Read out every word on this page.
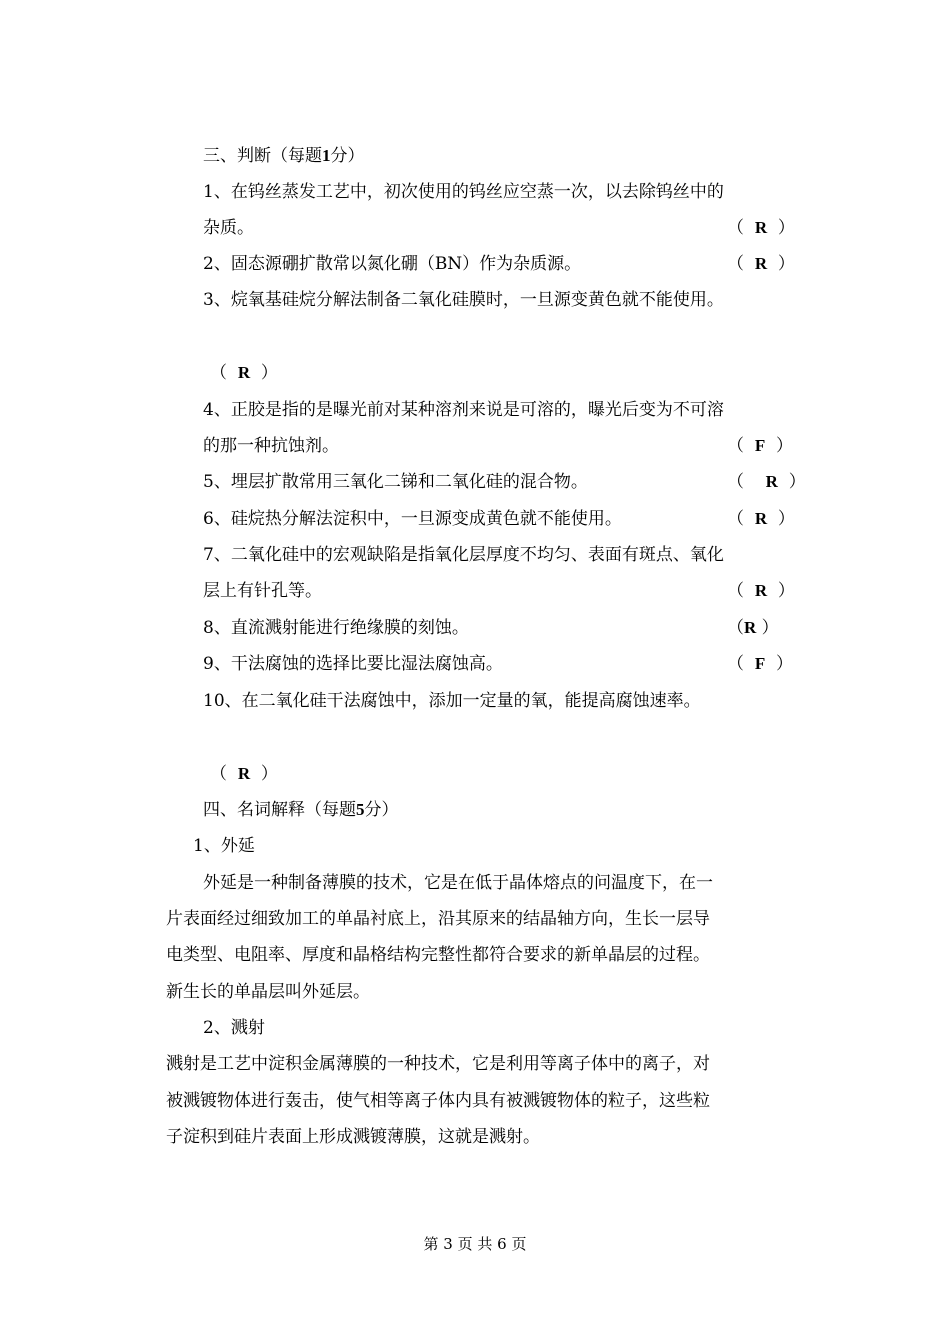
三、判断（每题1分）
1、在钨丝蒸发工艺中，初次使用的钨丝应空蒸一次，以去除钨丝中的
杂质。	（  R  ）
2、固态源硼扩散常以氮化硼（BN）作为杂质源。	（  R  ）
3、烷氧基硅烷分解法制备二氧化硅膜时，一旦源变黄色就不能使用。
（  R  ）
4、正胶是指的是曝光前对某种溶剂来说是可溶的，曝光后变为不可溶
的那一种抗蚀剂。	（  F  ）
5、埋层扩散常用三氧化二锑和二氧化硅的混合物。	（    R  ）
6、硅烷热分解法淀积中，一旦源变成黄色就不能使用。	（  R  ）
7、二氧化硅中的宏观缺陷是指氧化层厚度不均匀、表面有斑点、氧化
层上有针孔等。	（  R  ）
8、直流溅射能进行绝缘膜的刻蚀。	（R ）
9、干法腐蚀的选择比要比湿法腐蚀高。	（  F  ）
10、在二氧化硅干法腐蚀中，添加一定量的氧，能提高腐蚀速率。
（  R  ）
四、名词解释（每题5分）
1、外延
外延是一种制备薄膜的技术，它是在低于晶体熔点的问温度下，在一
片表面经过细致加工的单晶衬底上，沿其原来的结晶轴方向，生长一层导
电类型、电阻率、厚度和晶格结构完整性都符合要求的新单晶层的过程。
新生长的单晶层叫外延层。
2、溅射
溅射是工艺中淀积金属薄膜的一种技术，它是利用等离子体中的离子，对
被溅镀物体进行轰击，使气相等离子体内具有被溅镀物体的粒子，这些粒
子淀积到硅片表面上形成溅镀薄膜，这就是溅射。
第 3 页 共 6 页
